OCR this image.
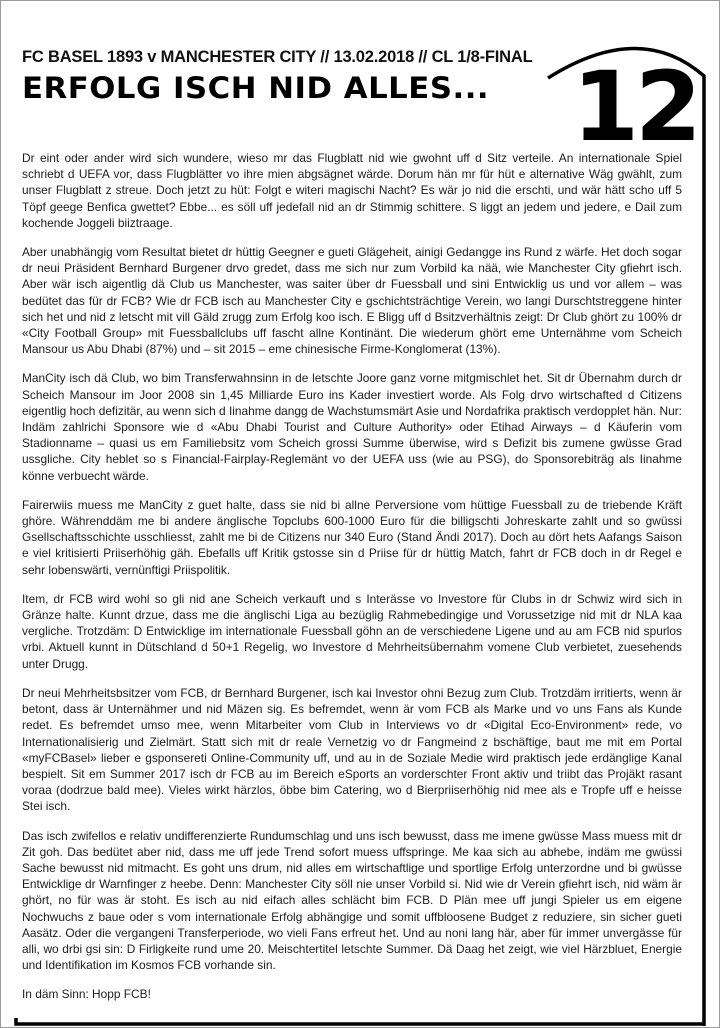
FC BASEL 1893 v MANCHESTER CITY // 13.02.2018 // CL 1/8-FINAL
ERFOLG ISCH NID ALLES... 12

Dr eint oder ander wird sich wundere, wieso mr das Flugblatt nid wie gwohnt uff d Sitz verteile. An internationale Spiel schriebt d UEFA vor, dass Flugblätter vo ihre mien abgsägnet wärde. Dorum hän mr für hüt e alternative Wäg gwählt, zum unser Flugblatt z streue. Doch jetzt zu hüt: Folgt e witeri magischi Nacht? Es wär jo nid die erschti, und wär hätt scho uff 5 Töpf geege Benfica gwettet? Ebbe... es söll uff jedefall nid an dr Stimmig schittere. S liggt an jedem und jedere, e Dail zum kochende Joggeli biiztraage.

Aber unabhängig vom Resultat bietet dr hüttig Geegner e gueti Glägeheit, ainigi Gedangge ins Rund z wärfe. Het doch sogar dr neui Präsident Bernhard Burgener drvo gredet, dass me sich nur zum Vorbild ka nää, wie Manchester City gfiehrt isch. Aber wär isch aigentlig dä Club us Manchester, was saiter über dr Fuessball und sini Entwicklig us und vor allem – was bedütet das für dr FCB? Wie dr FCB isch au Manchester City e gschichtsträchtige Verein, wo langi Durschtstreggene hinter sich het und nid z letscht mit vill Gäld zrugg zum Erfolg koo isch. E Bligg uff d Bsitzverhältnis zeigt: Dr Club ghört zu 100% dr «City Football Group» mit Fuessballclubs uff fascht allne Kontinänt. Die wiederum ghört eme Unternähme vom Scheich Mansour us Abu Dhabi (87%) und – sit 2015 – eme chinesische Firme-Konglomerat (13%).

ManCity isch dä Club, wo bim Transferwahnsinn in de letschte Joore ganz vorne mitgmischlet het. Sit dr Übernahm durch dr Scheich Mansour im Joor 2008 sin 1,45 Milliarde Euro ins Kader investiert worde. Als Folg drvo wirtschafted d Citizens eigentlig hoch defizitär, au wenn sich d Iinahme dangg de Wachstumsmärt Asie und Nordafrika praktisch verdopplet hän. Nur: Indäm zahlrichi Sponsore wie d «Abu Dhabi Tourist and Culture Authority» oder Etihad Airways – d Käuferin vom Stadionname – quasi us em Familiebsitz vom Scheich grossi Summe überwise, wird s Defizit bis zumene gwüsse Grad ussgliche. City heblet so s Financial-Fairplay-Reglemänt vo der UEFA uss (wie au PSG), do Sponsorebiträg als Iinahme könne verbuecht wärde.

Fairerwiis muess me ManCity z guet halte, dass sie nid bi allne Perversione vom hüttige Fuessball zu de triebende Kräft ghöre. Währenddäm me bi andere änglische Topclubs 600-1000 Euro für die billigschti Johreskarte zahlt und so gwüssi Gsellschaftsschichte usschliesst, zahlt me bi de Citizens nur 340 Euro (Stand Ändi 2017). Doch au dört hets Aafangs Saison e viel kritisierti Priiserhöhig gäh. Ebefalls uff Kritik gstosse sin d Priise für dr hüttig Match, fahrt dr FCB doch in dr Regel e sehr lobenswärti, vernünftigi Priispolitik.

Item, dr FCB wird wohl so gli nid ane Scheich verkauft und s Interässe vo Investore für Clubs in dr Schwiz wird sich in Gränze halte. Kunnt drzue, dass me die änglischi Liga au bezüglig Rahmebedingige und Vorussetzige nid mit dr NLA kaa vergliche. Trotzdäm: D Entwicklige im internationale Fuessball göhn an de verschiedene Ligene und au am FCB nid spurlos vrbi. Aktuell kunnt in Dütschland d 50+1 Regelig, wo Investore d Mehrheitsübernahm vomene Club verbietet, zuesehends unter Drugg.

Dr neui Mehrheitsbsitzer vom FCB, dr Bernhard Burgener, isch kai Investor ohni Bezug zum Club. Trotzdäm irritierts, wenn är betont, dass är Unternähmer und nid Mäzen sig. Es befremdet, wenn är vom FCB als Marke und vo uns Fans als Kunde redet. Es befremdet umso mee, wenn Mitarbeiter vom Club in Interviews vo dr «Digital Eco-Environment» rede, vo Internationalisierig und Zielmärt. Statt sich mit dr reale Vernetzig vo dr Fangmeind z bschäftige, baut me mit em Portal «myFCBasel» lieber e gsponsereti Online-Community uff, und au in de Soziale Medie wird praktisch jede erdänglige Kanal bespielt. Sit em Summer 2017 isch dr FCB au im Bereich eSports an vorderschter Front aktiv und triibt das Projäkt rasant voraa (dodrzue bald mee). Vieles wirkt härzlos, öbbe bim Catering, wo d Bierpriiserhöhig nid mee als e Tropfe uff e heisse Stei isch.

Das isch zwifellos e relativ undifferenzierte Rundumschlag und uns isch bewusst, dass me imene gwüsse Mass muess mit dr Zit goh. Das bedütet aber nid, dass me uff jede Trend sofort muess uffspringe. Me kaa sich au abhebe, indäm me gwüssi Sache bewusst nid mitmacht. Es goht uns drum, nid alles em wirtschaftlige und sportlige Erfolg unterzordne und bi gwüsse Entwicklige dr Warnfinger z heebe. Denn: Manchester City söll nie unser Vorbild si. Nid wie dr Verein gfiehrt isch, nid wäm är ghört, no für was är stoht. Es isch au nid eifach alles schlächt bim FCB. D Plän mee uff jungi Spieler us em eigene Nochwuchs z baue oder s vom internationale Erfolg abhängige und somit uffbloosene Budget z reduziere, sin sicher gueti Aasätz. Oder die vergangeni Transferperiode, wo vieli Fans erfreut het. Und au noni lang här, aber für immer unvergässe für alli, wo drbi gsi sin: D Firligkeite rund ume 20. Meischtertitel letschte Summer. Dä Daag het zeigt, wie viel Härzbluet, Energie und Identifikation im Kosmos FCB vorhande sin.

In däm Sinn: Hopp FCB!
